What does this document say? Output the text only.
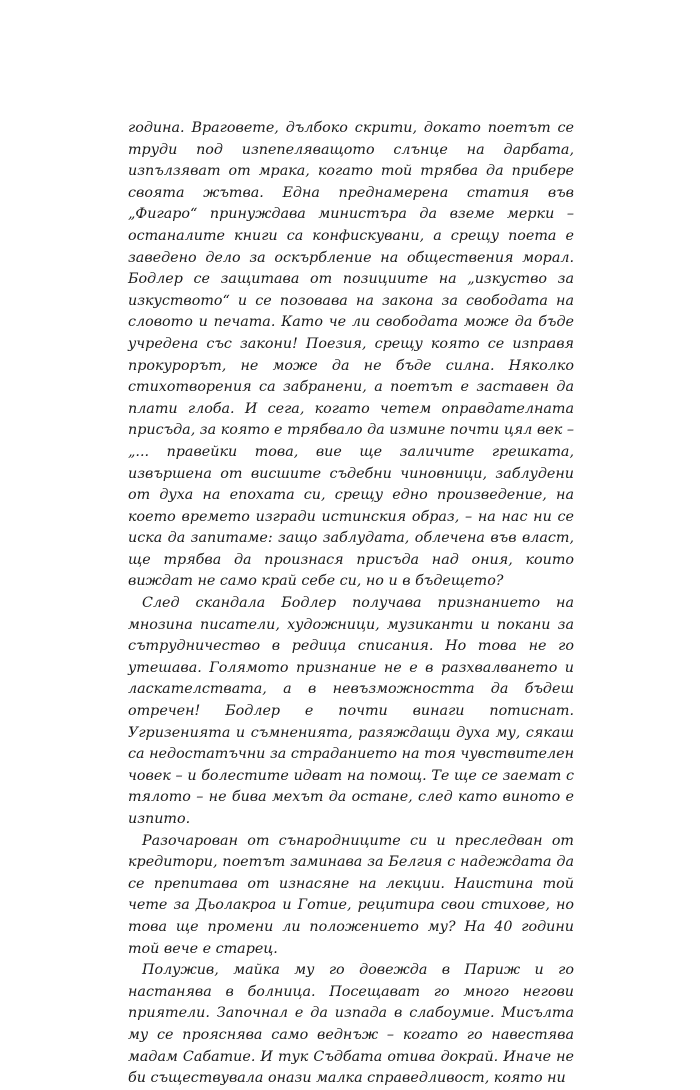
година. Враговете, дълбоко скрити, докато поетът се труди под изпепеляващото слънце на дарбата, изпълзяват от мрака, когато той трябва да прибере своята жътва. Една преднамерена статия във „Фигаро“ принуждава министъра да вземе мерки – останалите книги са конфискувани, а срещу поета е заведено дело за оскърбление на обществения морал. Бодлер се защитава от позициите на „изкуство за изкуството“ и се позовава на закона за свободата на словото и печата. Като че ли свободата може да бъде учредена със закони! Поезия, срещу която се изправя прокурорът, не може да не бъде силна. Няколко стихотворения са забранени, а поетът е заставен да плати глоба. И сега, когато четем оправдателната присъда, за която е трябвало да измине почти цял век – „... правейки това, вие ще заличите грешката, извършена от висшите съдебни чиновници, заблудени от духа на епохата си, срещу едно произведение, на което времето изгради истинския образ, – на нас ни се иска да запитаме: защо заблудата, облечена във власт, ще трябва да произнася присъда над ония, които виждат не само край себе си, но и в бъдещето?

След скандала Бодлер получава признанието на мнозина писатели, художници, музиканти и покани за сътрудничество в редица списания. Но това не го утешава. Голямото признание не е в разхвалването и ласкателствата, а в невъзможността да бъдеш отречен! Бодлер е почти винаги потиснат. Угризенията и съмненията, разяждащи духа му, сякаш са недостатъчни за страданието на тоя чувствителен човек – и болестите идват на помощ. Те ще се заемат с тялото – не бива мехът да остане, след като виното е изпито.

Разочарован от сънародниците си и преследван от кредитори, поетът заминава за Белгия с надеждата да се препитава от изнасяне на лекции. Наистина той чете за Дьолакроа и Готие, рецитира свои стихове, но това ще промени ли положението му? На 40 години той вече е старец.

Полужив, майка му го довежда в Париж и го настанява в болница. Посещават го много негови приятели. Започнал е да изпада в слабоумие. Мисълта му се прояснява само веднъж – когато го навестява мадам Сабатие. И тук Съдбата отива докрай. Иначе не би съществувала онази малка справедливост, която ни
